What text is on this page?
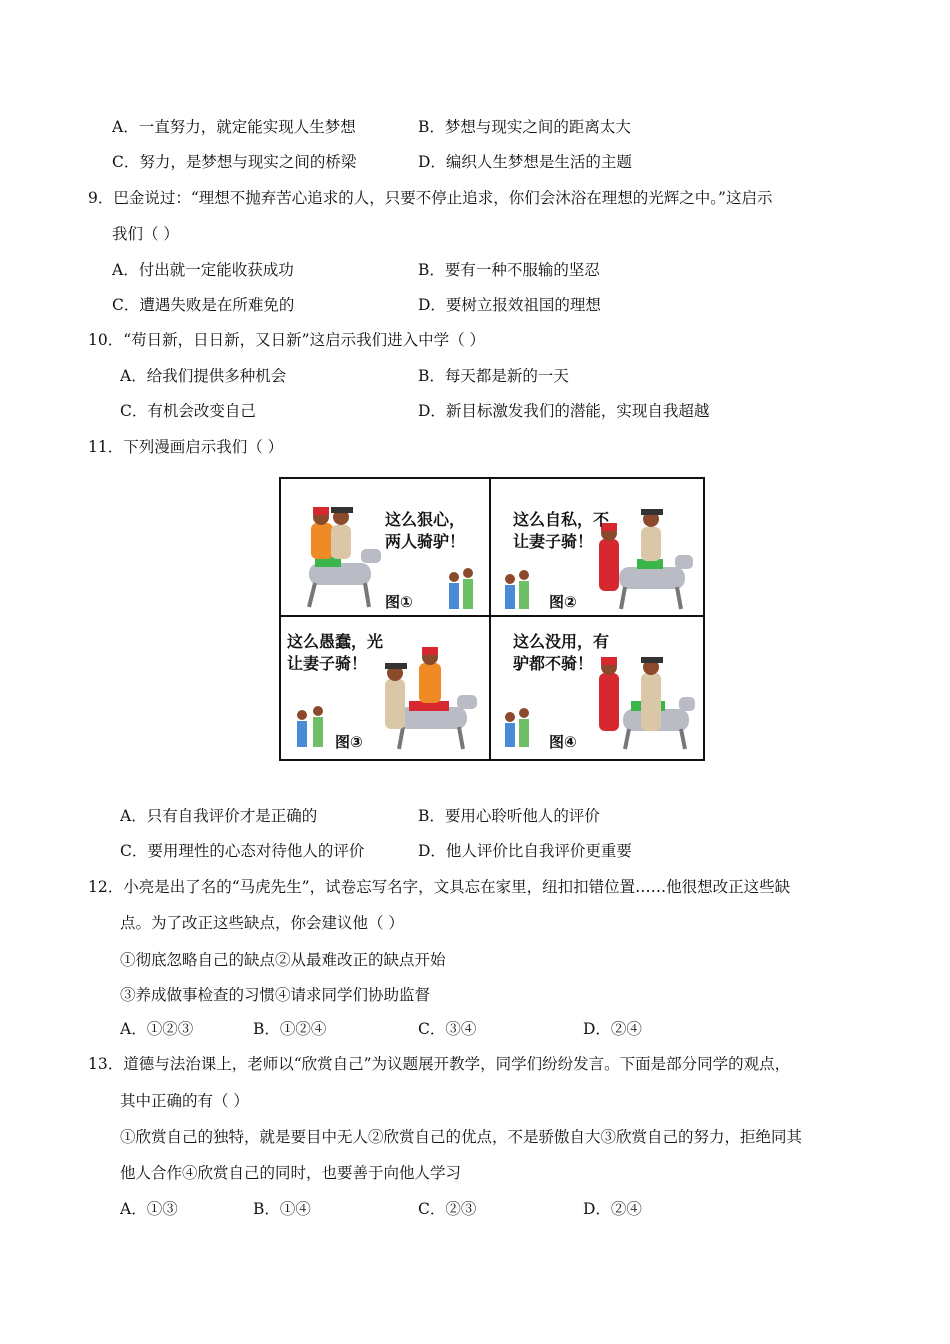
A．一直努力，就定能实现人生梦想	B．梦想与现实之间的距离太大
C．努力，是梦想与现实之间的桥梁	D．编织人生梦想是生活的主题
9．巴金说过：“理想不抛弃苦心追求的人，只要不停止追求，你们会沐浴在理想的光辉之中。”这启示
我们（ ）
A．付出就一定能收获成功	B．要有一种不服输的坚忍
C．遭遇失败是在所难免的	D．要树立报效祖国的理想
10．“苟日新，日日新，又日新”这启示我们进入中学（ ）
A．给我们提供多种机会	B．每天都是新的一天
C．有机会改变自己	D．新目标激发我们的潜能，实现自我超越
11．下列漫画启示我们（ ）
这么狠心，
两人骑驴！
图①
这么自私，不
让妻子骑！
图②
这么愚蠢，光
让妻子骑！
图③
这么没用，有
驴都不骑！
图④
A．只有自我评价才是正确的	B．要用心聆听他人的评价
C．要用理性的心态对待他人的评价	D．他人评价比自我评价更重要
12．小亮是出了名的“马虎先生”，试卷忘写名字，文具忘在家里，纽扣扣错位置……他很想改正这些缺
点。为了改正这些缺点，你会建议他（ ）
①彻底忽略自己的缺点②从最难改正的缺点开始
③养成做事检查的习惯④请求同学们协助监督
A．①②③	B．①②④	C．③④	D．②④
13．道德与法治课上，老师以“欣赏自己”为议题展开教学，同学们纷纷发言。下面是部分同学的观点，
其中正确的有（ ）
①欣赏自己的独特，就是要目中无人②欣赏自己的优点，不是骄傲自大③欣赏自己的努力，拒绝同其
他人合作④欣赏自己的同时，也要善于向他人学习
A．①③	B．①④	C．②③	D．②④
